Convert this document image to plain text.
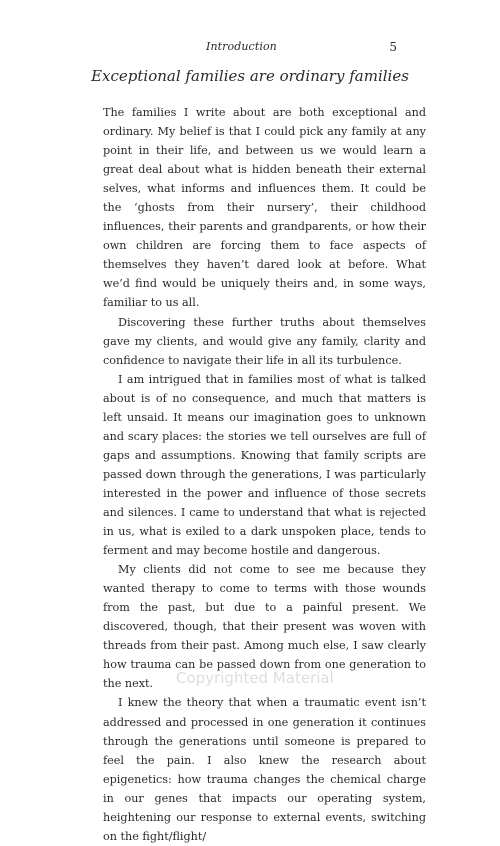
Introduction	5
Exceptional families are ordinary families

The families I write about are both exceptional and ordinary. My belief is that I could pick any family at any point in their life, and between us we would learn a great deal about what is hidden beneath their external selves, what informs and influences them. It could be the ‘ghosts from their nursery’, their childhood influences, their parents and grandparents, or how their own children are forcing them to face aspects of themselves they haven’t dared look at before. What we’d find would be uniquely theirs and, in some ways, familiar to us all.

Discovering these further truths about themselves gave my clients, and would give any family, clarity and confidence to navigate their life in all its turbulence.

I am intrigued that in families most of what is talked about is of no consequence, and much that matters is left unsaid. It means our imagination goes to unknown and scary places: the stories we tell ourselves are full of gaps and assumptions. Knowing that family scripts are passed down through the generations, I was particularly interested in the power and influence of those secrets and silences. I came to understand that what is rejected in us, what is exiled to a dark unspoken place, tends to ferment and may become hostile and dangerous.

My clients did not come to see me because they wanted therapy to come to terms with those wounds from the past, but due to a painful present. We discovered, though, that their present was woven with threads from their past. Among much else, I saw clearly how trauma can be passed down from one generation to the next.

I knew the theory that when a traumatic event isn’t addressed and processed in one generation it continues through the generations until someone is prepared to feel the pain. I also knew the research about epigenetics: how trauma changes the chemical charge in our genes that impacts our operating system, heightening our response to external events, switching on the fight/flight/

Copyrighted Material
